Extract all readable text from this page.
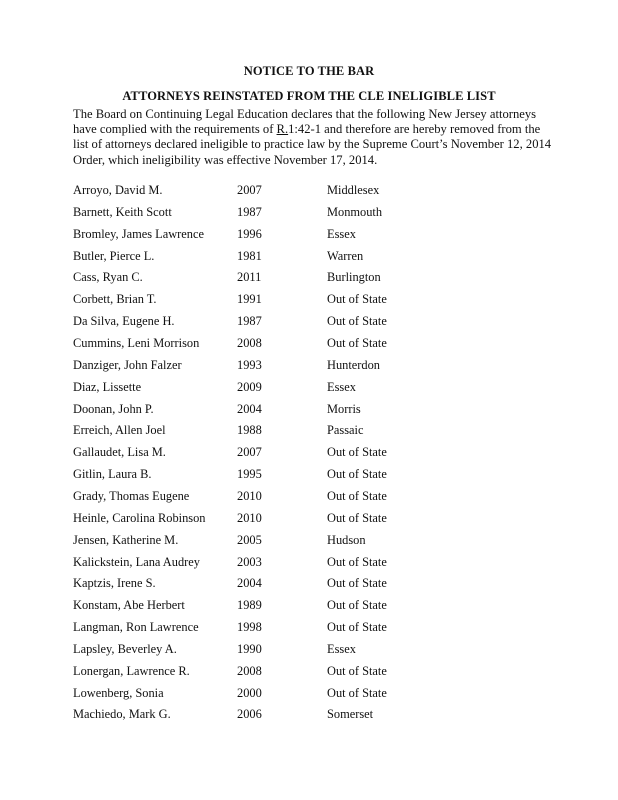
NOTICE TO THE BAR
ATTORNEYS REINSTATED FROM THE CLE INELIGIBLE LIST
The Board on Continuing Legal Education declares that the following New Jersey attorneys have complied with the requirements of R.1:42-1 and therefore are hereby removed from the list of attorneys declared ineligible to practice law by the Supreme Court’s November 12, 2014 Order, which ineligibility was effective November 17, 2014.
Arroyo, David M.	2007	Middlesex
Barnett, Keith Scott	1987	Monmouth
Bromley, James Lawrence	1996	Essex
Butler, Pierce L.	1981	Warren
Cass, Ryan C.	2011	Burlington
Corbett, Brian T.	1991	Out of State
Da Silva, Eugene H.	1987	Out of State
Cummins, Leni Morrison	2008	Out of State
Danziger, John Falzer	1993	Hunterdon
Diaz, Lissette	2009	Essex
Doonan, John P.	2004	Morris
Erreich, Allen Joel	1988	Passaic
Gallaudet, Lisa M.	2007	Out of State
Gitlin, Laura B.	1995	Out of State
Grady, Thomas Eugene	2010	Out of State
Heinle, Carolina Robinson	2010	Out of State
Jensen, Katherine M.	2005	Hudson
Kalickstein, Lana Audrey	2003	Out of State
Kaptzis, Irene S.	2004	Out of State
Konstam, Abe Herbert	1989	Out of State
Langman, Ron Lawrence	1998	Out of State
Lapsley, Beverley A.	1990	Essex
Lonergan, Lawrence R.	2008	Out of State
Lowenberg, Sonia	2000	Out of State
Machiedo, Mark G.	2006	Somerset
